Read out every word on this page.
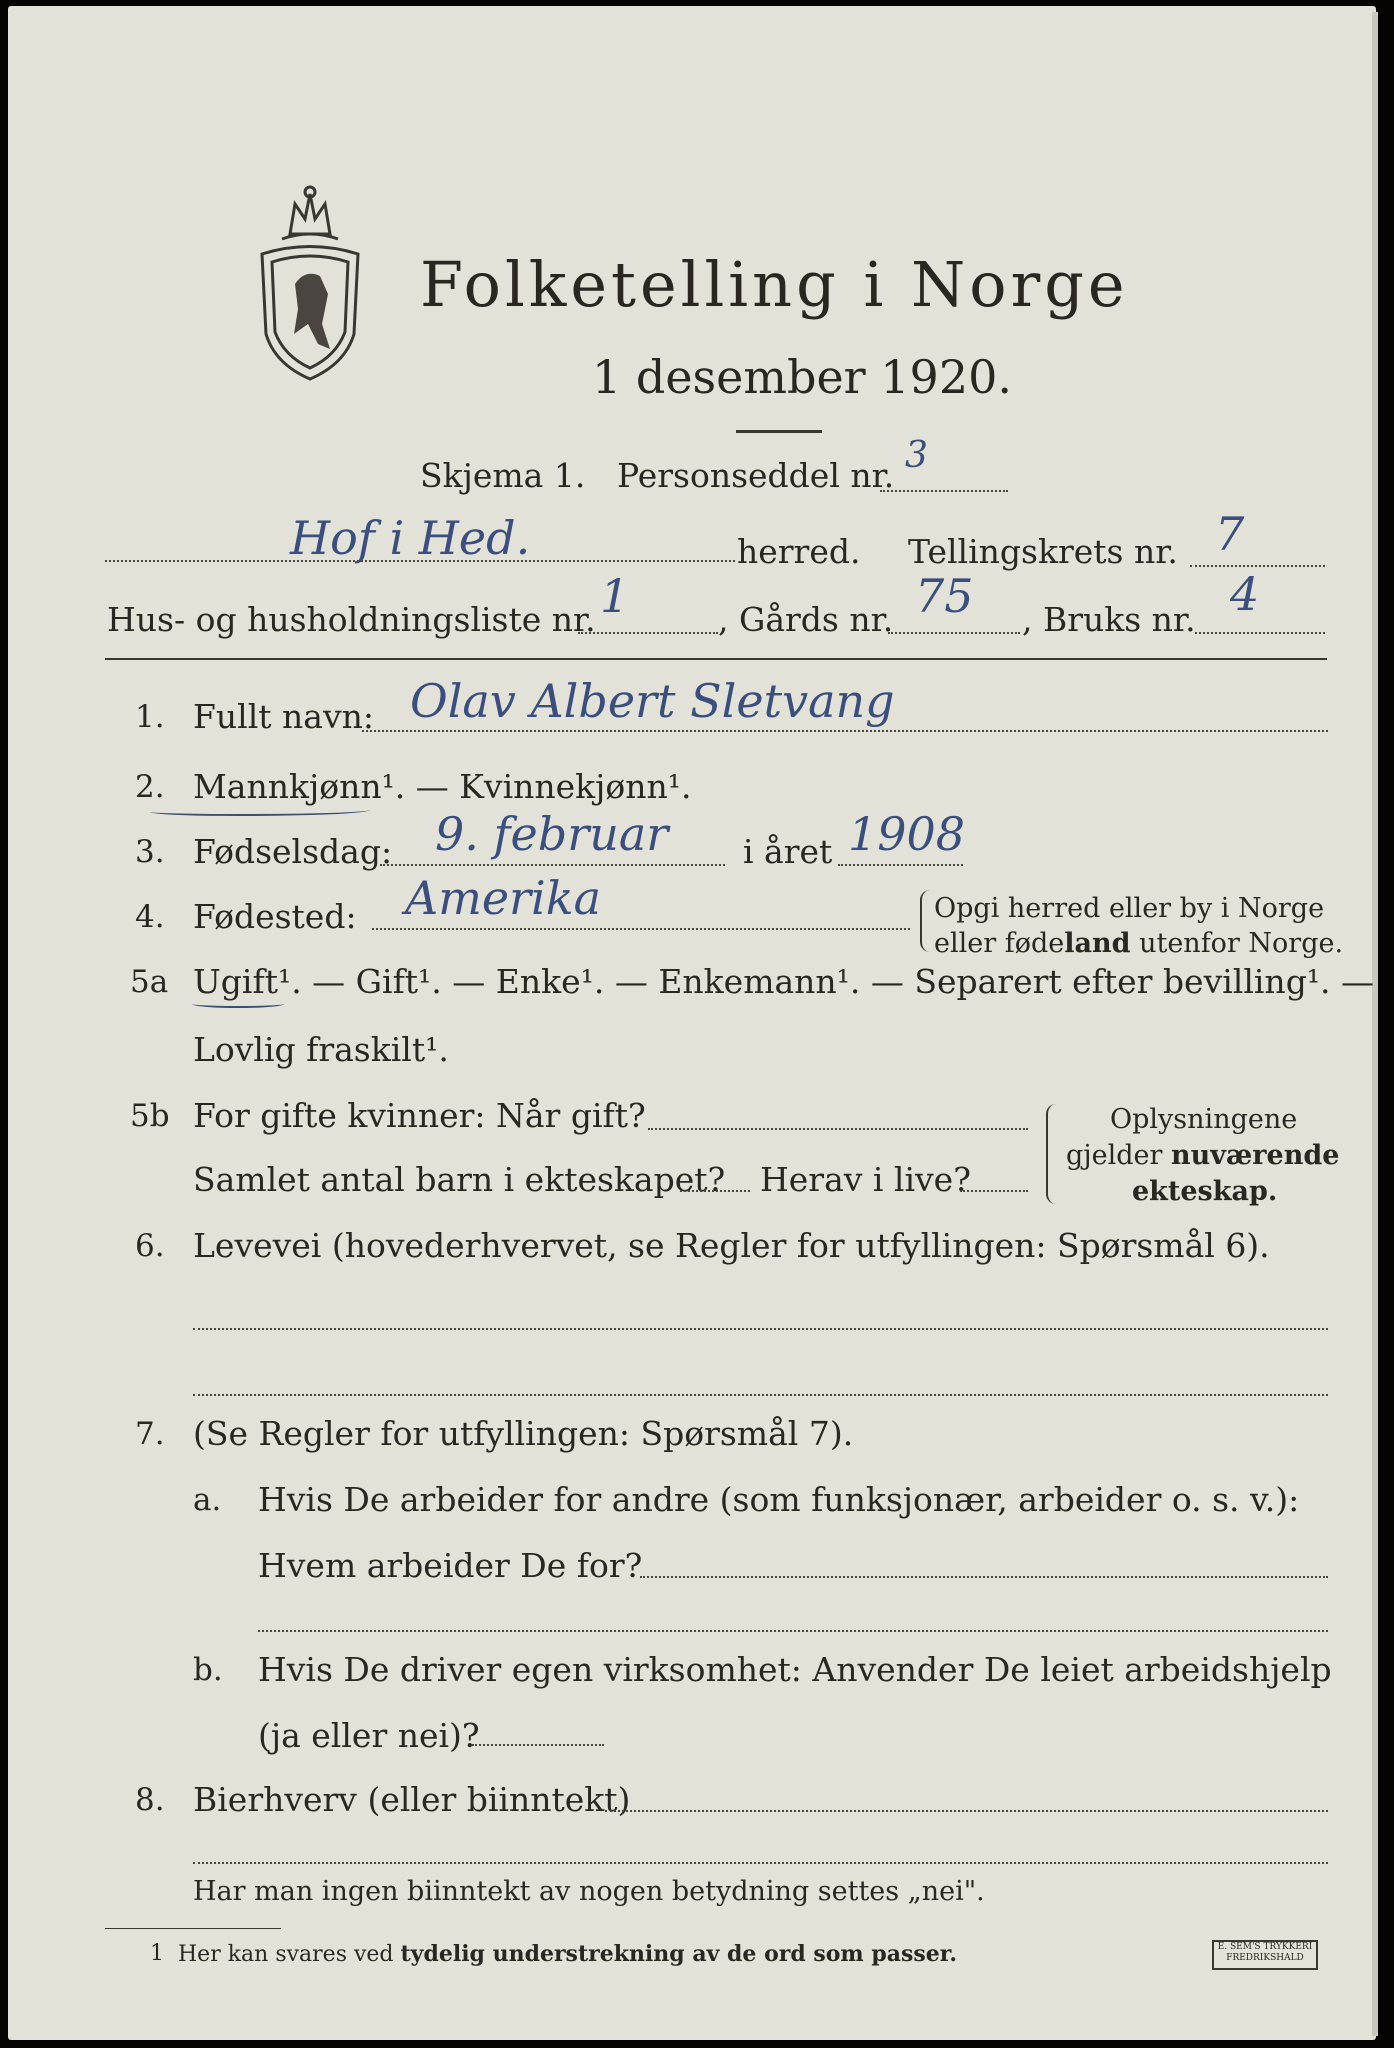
Folketelling i Norge
1 desember 1920.
Skjema 1. Personseddel nr. 3
Hof i Hed.	herred. Tellingskrets nr. 7
Hus- og husholdningsliste nr. 1	, Gårds nr. 75 , Bruks nr. 4
1. Fullt navn: Olav Albert Sletvang
2. Mannkjønn¹. — Kvinnekjønn¹.
3. Fødselsdag: 9. februar i året 1908
4. Fødested: Amerika	Opgi herred eller by i Norge
eller fødeland utenfor Norge.
5a Ugift¹. — Gift¹. — Enke¹. — Enkemann¹. — Separert efter bevilling¹. —
Lovlig fraskilt¹.
5b For gifte kvinner: Når gift?
Samlet antal barn i ekteskapet? Herav i live?
Oplysningene
gjelder nuværende
ekteskap.
6. Levevei (hovederhvervet, se Regler for utfyllingen: Spørsmål 6).
7. (Se Regler for utfyllingen: Spørsmål 7).
a. Hvis De arbeider for andre (som funksjonær, arbeider o. s. v.):
Hvem arbeider De for?
b. Hvis De driver egen virksomhet: Anvender De leiet arbeidshjelp
(ja eller nei)?
8. Bierhverv (eller biinntekt)
Har man ingen biinntekt av nogen betydning settes „nei".
1 Her kan svares ved tydelig understrekning av de ord som passer.	E. SEM'S TRYKKERI FREDRIKSHALD
